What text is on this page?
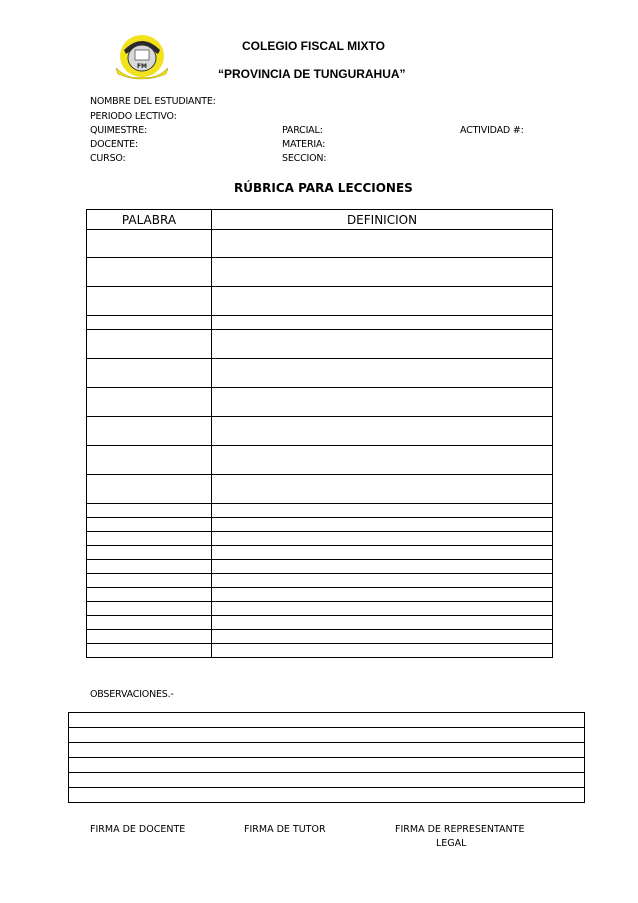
FM
COLEGIO FISCAL MIXTO
“PROVINCIA DE TUNGURAHUA”
NOMBRE DEL ESTUDIANTE:
PERIODO LECTIVO:
QUIMESTRE:	PARCIAL:	ACTIVIDAD #:
DOCENTE:	MATERIA:
CURSO:	SECCION:
RÚBRICA PARA LECCIONES
PALABRA	DEFINICION

OBSERVACIONES.-

FIRMA DE DOCENTE	FIRMA DE TUTOR	FIRMA DE REPRESENTANTE
LEGAL
